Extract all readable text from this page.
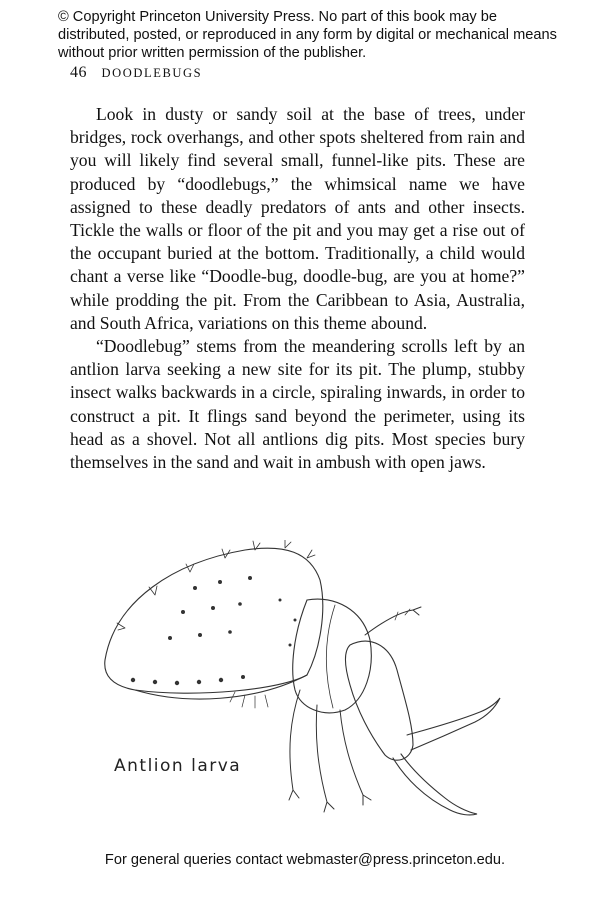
© Copyright Princeton University Press. No part of this book may be distributed, posted, or reproduced in any form by digital or mechanical means without prior written permission of the publisher.
46 DOODLEBUGS

Look in dusty or sandy soil at the base of trees, under bridges, rock overhangs, and other spots sheltered from rain and you will likely find several small, funnel-like pits. These are produced by “doodlebugs,” the whimsical name we have assigned to these deadly predators of ants and other insects. Tickle the walls or floor of the pit and you may get a rise out of the occupant buried at the bottom. Traditionally, a child would chant a verse like “Doodle-bug, doodle-bug, are you at home?” while prodding the pit. From the Caribbean to Asia, Australia, and South Africa, variations on this theme abound.

“Doodlebug” stems from the meandering scrolls left by an antlion larva seeking a new site for its pit. The plump, stubby insect walks backwards in a circle, spiraling inwards, in order to construct a pit. It flings sand beyond the perimeter, using its head as a shovel. Not all antlions dig pits. Most species bury themselves in the sand and wait in ambush with open jaws.

Antlion larva
For general queries contact webmaster@press.princeton.edu.
